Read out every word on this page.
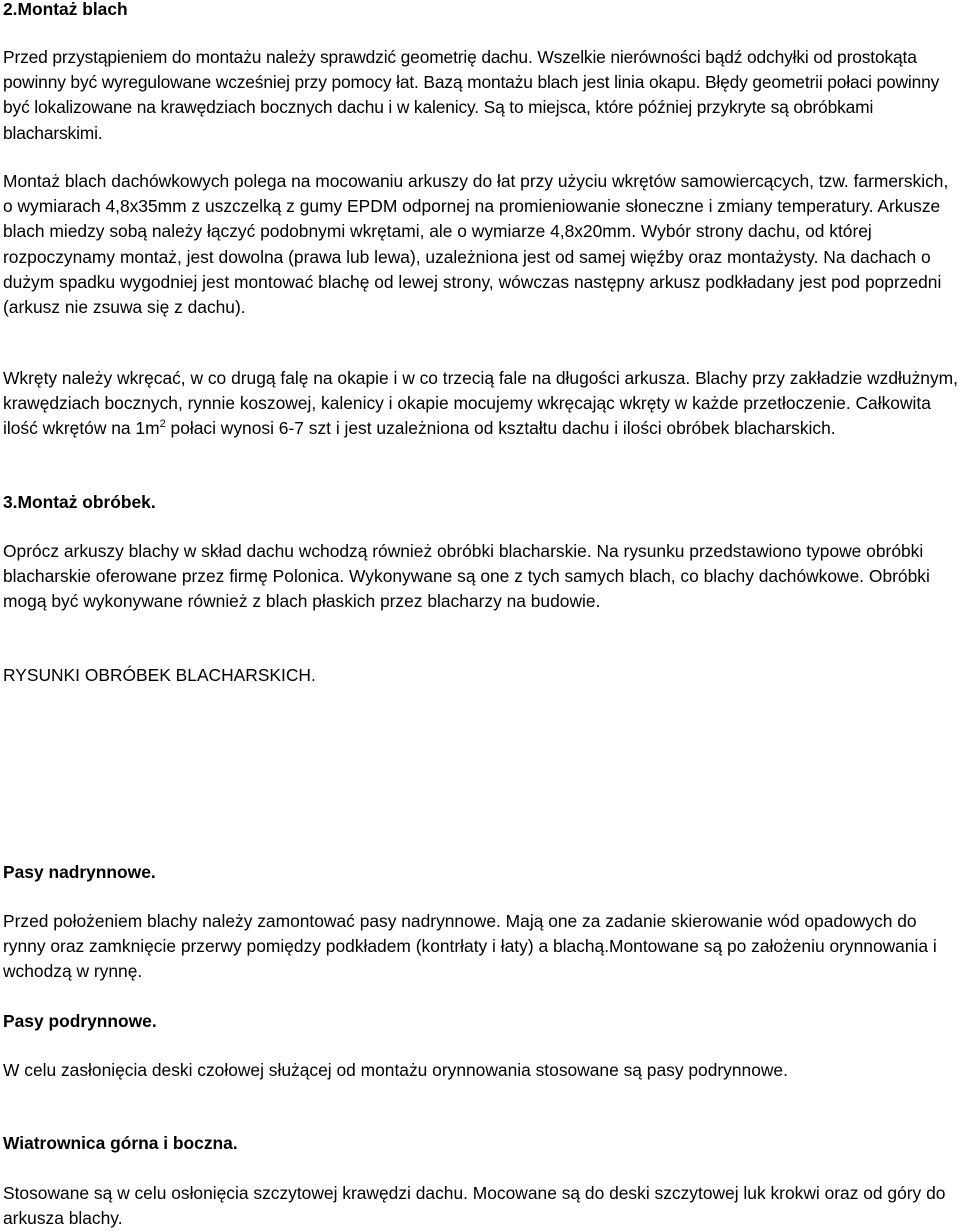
2.Montaż blach

Przed przystąpieniem do montażu należy sprawdzić geometrię dachu. Wszelkie nierówności bądź odchyłki od prostokąta powinny być wyregulowane wcześniej przy pomocy łat. Bazą montażu blach jest linia okapu. Błędy geometrii połaci powinny być lokalizowane na krawędziach bocznych dachu i w kalenicy. Są to miejsca, które później przykryte są obróbkami blacharskimi.

Montaż blach dachówkowych polega na mocowaniu arkuszy do łat przy użyciu wkrętów samowiercących, tzw. farmerskich, o wymiarach 4,8x35mm z uszczelką z gumy EPDM odpornej na promieniowanie słoneczne i zmiany temperatury. Arkusze blach miedzy sobą należy łączyć podobnymi wkrętami, ale o wymiarze 4,8x20mm. Wybór strony dachu, od której rozpoczynamy montaż, jest dowolna (prawa lub lewa), uzależniona jest od samej więźby oraz montażysty. Na dachach o dużym spadku wygodniej jest montować blachę od lewej strony, wówczas następny arkusz podkładany jest pod poprzedni (arkusz nie zsuwa się z dachu).

Wkręty należy wkręcać, w co drugą falę na okapie i w co trzecią fale na długości arkusza. Blachy przy zakładzie wzdłużnym, krawędziach bocznych, rynnie koszowej, kalenicy i okapie mocujemy wkręcając wkręty w każde przetłoczenie. Całkowita ilość wkrętów na $1m^2$ połaci wynosi 6-7 szt i jest uzależniona od kształtu dachu i ilości obróbek blacharskich.

3.Montaż obróbek.

Oprócz arkuszy blachy w skład dachu wchodzą również obróbki blacharskie. Na rysunku przedstawiono typowe obróbki blacharskie oferowane przez firmę Polonica. Wykonywane są one z tych samych blach, co blachy dachówkowe. Obróbki mogą być wykonywane również z blach płaskich przez blacharzy na budowie.

RYSUNKI OBRÓBEK BLACHARSKICH.

Pasy nadrynnowe.

Przed położeniem blachy należy zamontować pasy nadrynnowe. Mają one za zadanie skierowanie wód opadowych do rynny oraz zamknięcie przerwy pomiędzy podkładem (kontrłaty i łaty) a blachą.Montowane są po założeniu orynnowania i wchodzą w rynnę.

Pasy podrynnowe.

W celu zasłonięcia deski czołowej służącej od montażu orynnowania stosowane są pasy podrynnowe.

Wiatrownica górna i boczna.

Stosowane są w celu osłonięcia szczytowej krawędzi dachu. Mocowane są do deski szczytowej luk krokwi oraz od góry do arkusza blachy.
